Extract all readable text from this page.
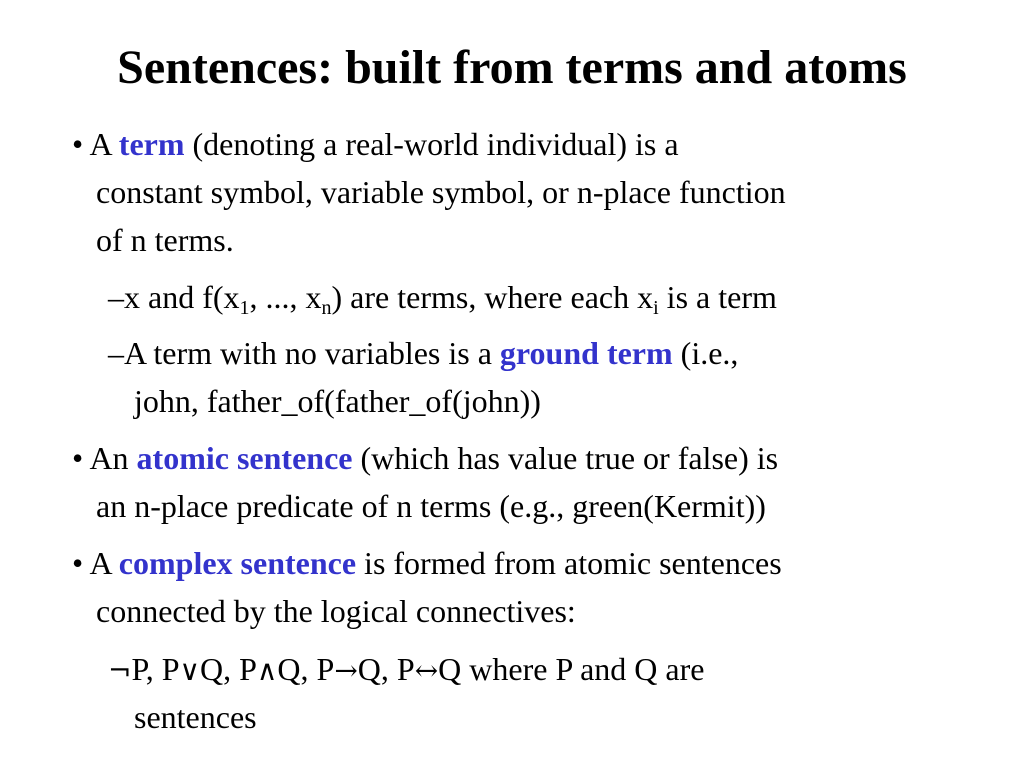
Sentences: built from terms and atoms
• A term (denoting a real-world individual) is a
constant symbol, variable symbol, or n-place function
of n terms.
–x and $f(x_1$, ..., $x_n$) are terms, where each $x_i$ is a term
–A term with no variables is a ground term (i.e.,
john, father_of(father_of(john))
• An atomic sentence (which has value true or false) is
an n-place predicate of n terms (e.g., green(Kermit))
• A complex sentence is formed from atomic sentences
connected by the logical connectives:
¬P, P∨Q, P∧Q, P→Q, P↔Q where P and Q are
sentences
